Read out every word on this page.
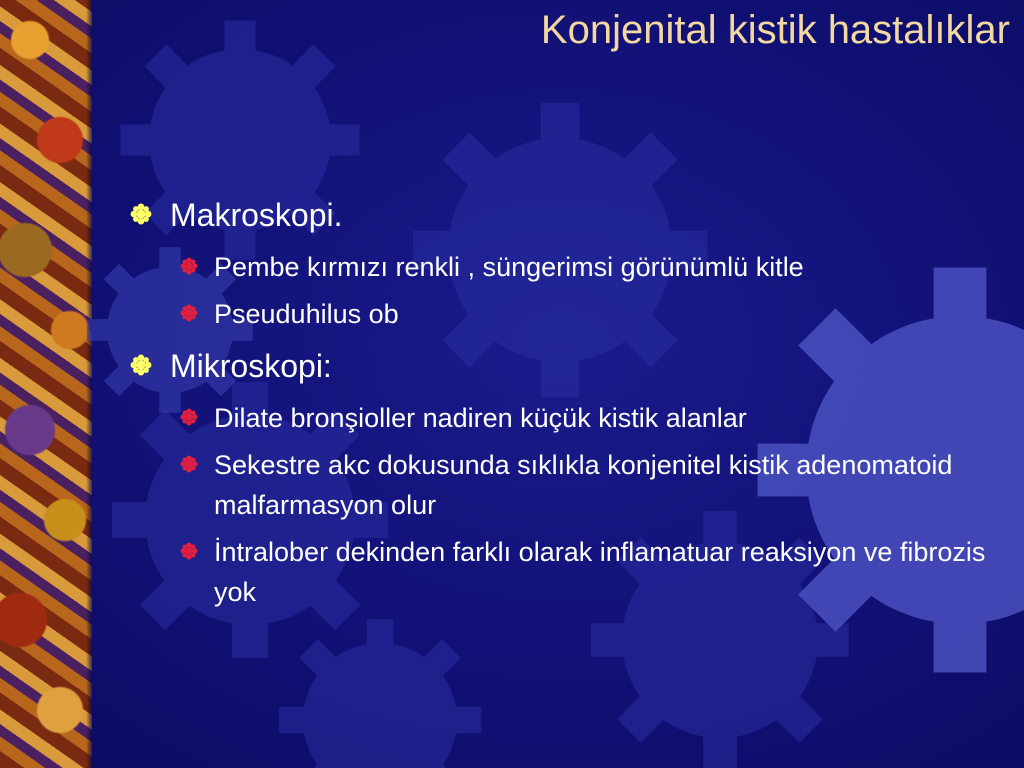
Konjenital kistik hastalıklar
Makroskopi.
Pembe kırmızı renkli , süngerimsi görünümlü kitle
Pseuduhilus ob
Mikroskopi:
Dilate bronşioller nadiren küçük kistik alanlar
Sekestre akc dokusunda sıklıkla konjenitel kistik adenomatoid malfarmasyon olur
İntralober dekinden farklı olarak inflamatuar reaksiyon ve fibrozis yok
